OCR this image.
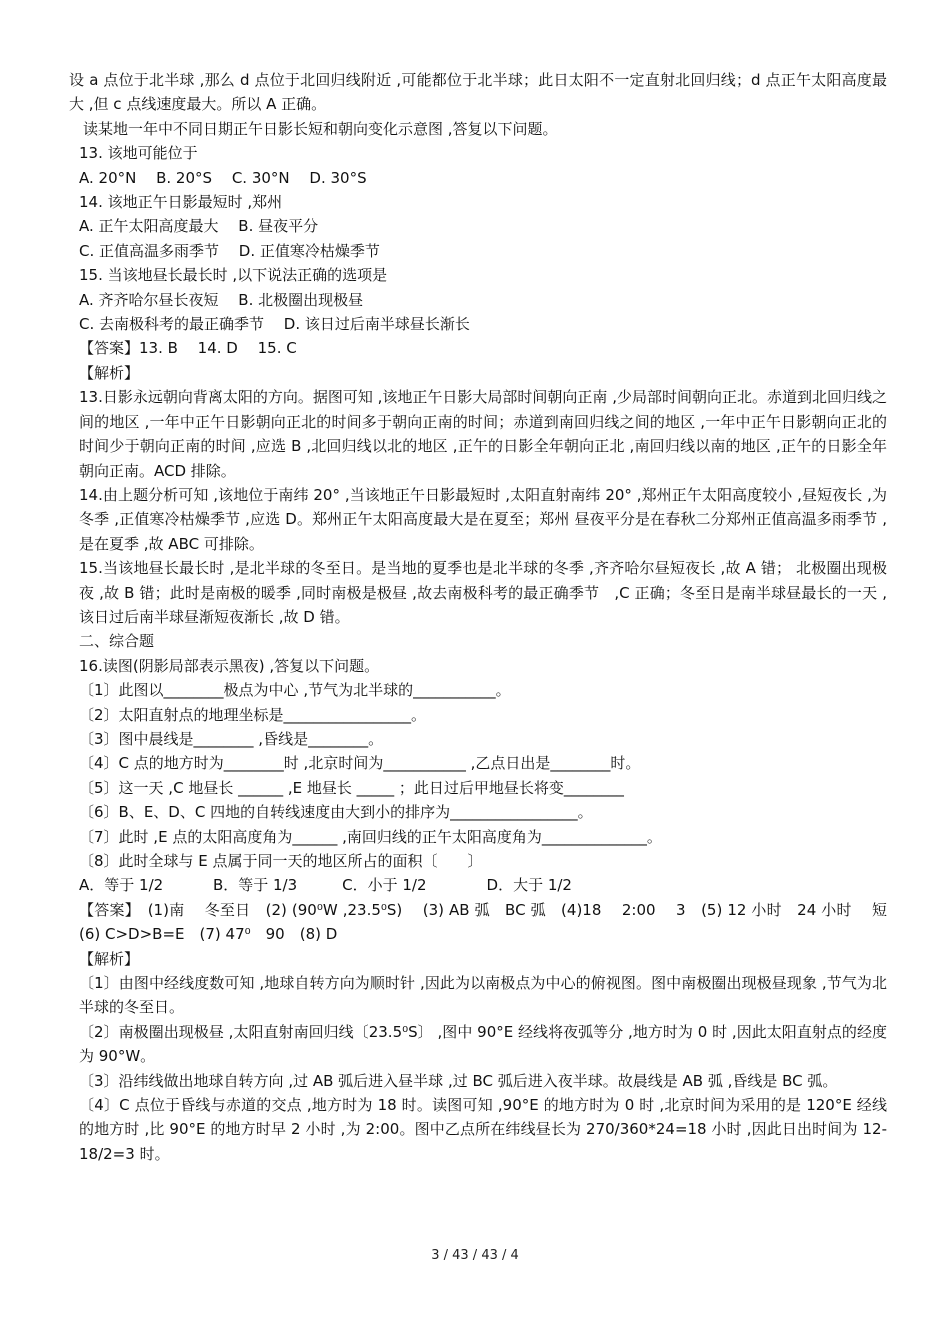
设 a 点位于北半球 ,那么 d 点位于北回归线附近 ,可能都位于北半球；此日太阳不一定直射北回归线；d 点正午太阳高度最大 ,但 c 点线速度最大。所以 A 正确。

读某地一年中不同日期正午日影长短和朝向变化示意图 ,答复以下问题。

13. 该地可能位于

A. 20°N　 B. 20°S　 C. 30°N　 D. 30°S

14. 该地正午日影最短时 ,郑州

A. 正午太阳高度最大　 B. 昼夜平分

C. 正值高温多雨季节　 D. 正值寒冷枯燥季节

15. 当该地昼长最长时 ,以下说法正确的选项是

A. 齐齐哈尔昼长夜短　 B. 北极圈出现极昼

C. 去南极科考的最正确季节　 D. 该日过后南半球昼长渐长

【答案】13. B　 14. D　 15. C

【解析】

13.日影永远朝向背离太阳的方向。据图可知 ,该地正午日影大局部时间朝向正南 ,少局部时间朝向正北。赤道到北回归线之间的地区 ,一年中正午日影朝向正北的时间多于朝向正南的时间；赤道到南回归线之间的地区 ,一年中正午日影朝向正北的时间少于朝向正南的时间 ,应选 B ,北回归线以北的地区 ,正午的日影全年朝向正北 ,南回归线以南的地区 ,正午的日影全年朝向正南。ACD 排除。

14.由上题分析可知 ,该地位于南纬 20° ,当该地正午日影最短时 ,太阳直射南纬 20° ,郑州正午太阳高度较小 ,昼短夜长 ,为冬季 ,正值寒冷枯燥季节 ,应选 D。郑州正午太阳高度最大是在夏至；郑州 昼夜平分是在春秋二分郑州正值高温多雨季节 ,是在夏季 ,故 ABC 可排除。

15.当该地昼长最长时 ,是北半球的冬至日。是当地的夏季也是北半球的冬季 ,齐齐哈尔昼短夜长 ,故 A 错； 北极圈出现极夜 ,故 B 错；此时是南极的暖季 ,同时南极是极昼 ,故去南极科考的最正确季节　,C 正确；冬至日是南半球昼最长的一天 ,该日过后南半球昼渐短夜渐长 ,故 D 错。

二、综合题

16.读图(阴影局部表示黑夜) ,答复以下问题。

〔1〕此图以________极点为中心 ,节气为北半球的___________。

〔2〕太阳直射点的地理坐标是_________________。

〔3〕图中晨线是________ ,昏线是________。

〔4〕C 点的地方时为________时 ,北京时间为___________ ,乙点日出是________时。

〔5〕这一天 ,C 地昼长 ______ ,E 地昼长 _____ ；此日过后甲地昼长将变________

〔6〕B、E、D、C 四地的自转线速度由大到小的排序为_________________。

〔7〕此时 ,E 点的太阳高度角为______ ,南回归线的正午太阳高度角为______________。

〔8〕此时全球与 E 点属于同一天的地区所占的面积〔　　〕

A．等于 1/2　　　 B．等于 1/3　　　C．小于 1/2　　　　D．大于 1/2

【答案】　(1)南　 冬至日　(2) (90⁰W ,23.5⁰S)　 (3) AB 弧　BC 弧　(4)18　 2:00　 3　(5) 12 小时　24 小时　 短　(6) C>D>B=E　(7) 47⁰　90　(8) D

【解析】

〔1〕由图中经线度数可知 ,地球自转方向为顺时针 ,因此为以南极点为中心的俯视图。图中南极圈出现极昼现象 ,节气为北半球的冬至日。

〔2〕南极圈出现极昼 ,太阳直射南回归线〔23.5⁰S〕 ,图中 90°E 经线将夜弧等分 ,地方时为 0 时 ,因此太阳直射点的经度为 90°W。

〔3〕沿纬线做出地球自转方向 ,过 AB 弧后进入昼半球 ,过 BC 弧后进入夜半球。故晨线是 AB 弧 ,昏线是 BC 弧。

〔4〕C 点位于昏线与赤道的交点 ,地方时为 18 时。读图可知 ,90°E 的地方时为 0 时 ,北京时间为采用的是 120°E 经线的地方时 ,比 90°E 的地方时早 2 小时 ,为 2:00。图中乙点所在纬线昼长为 270/360*24=18 小时 ,因此日出时间为 12-18/2=3 时。

3 / 43 / 43 / 4
